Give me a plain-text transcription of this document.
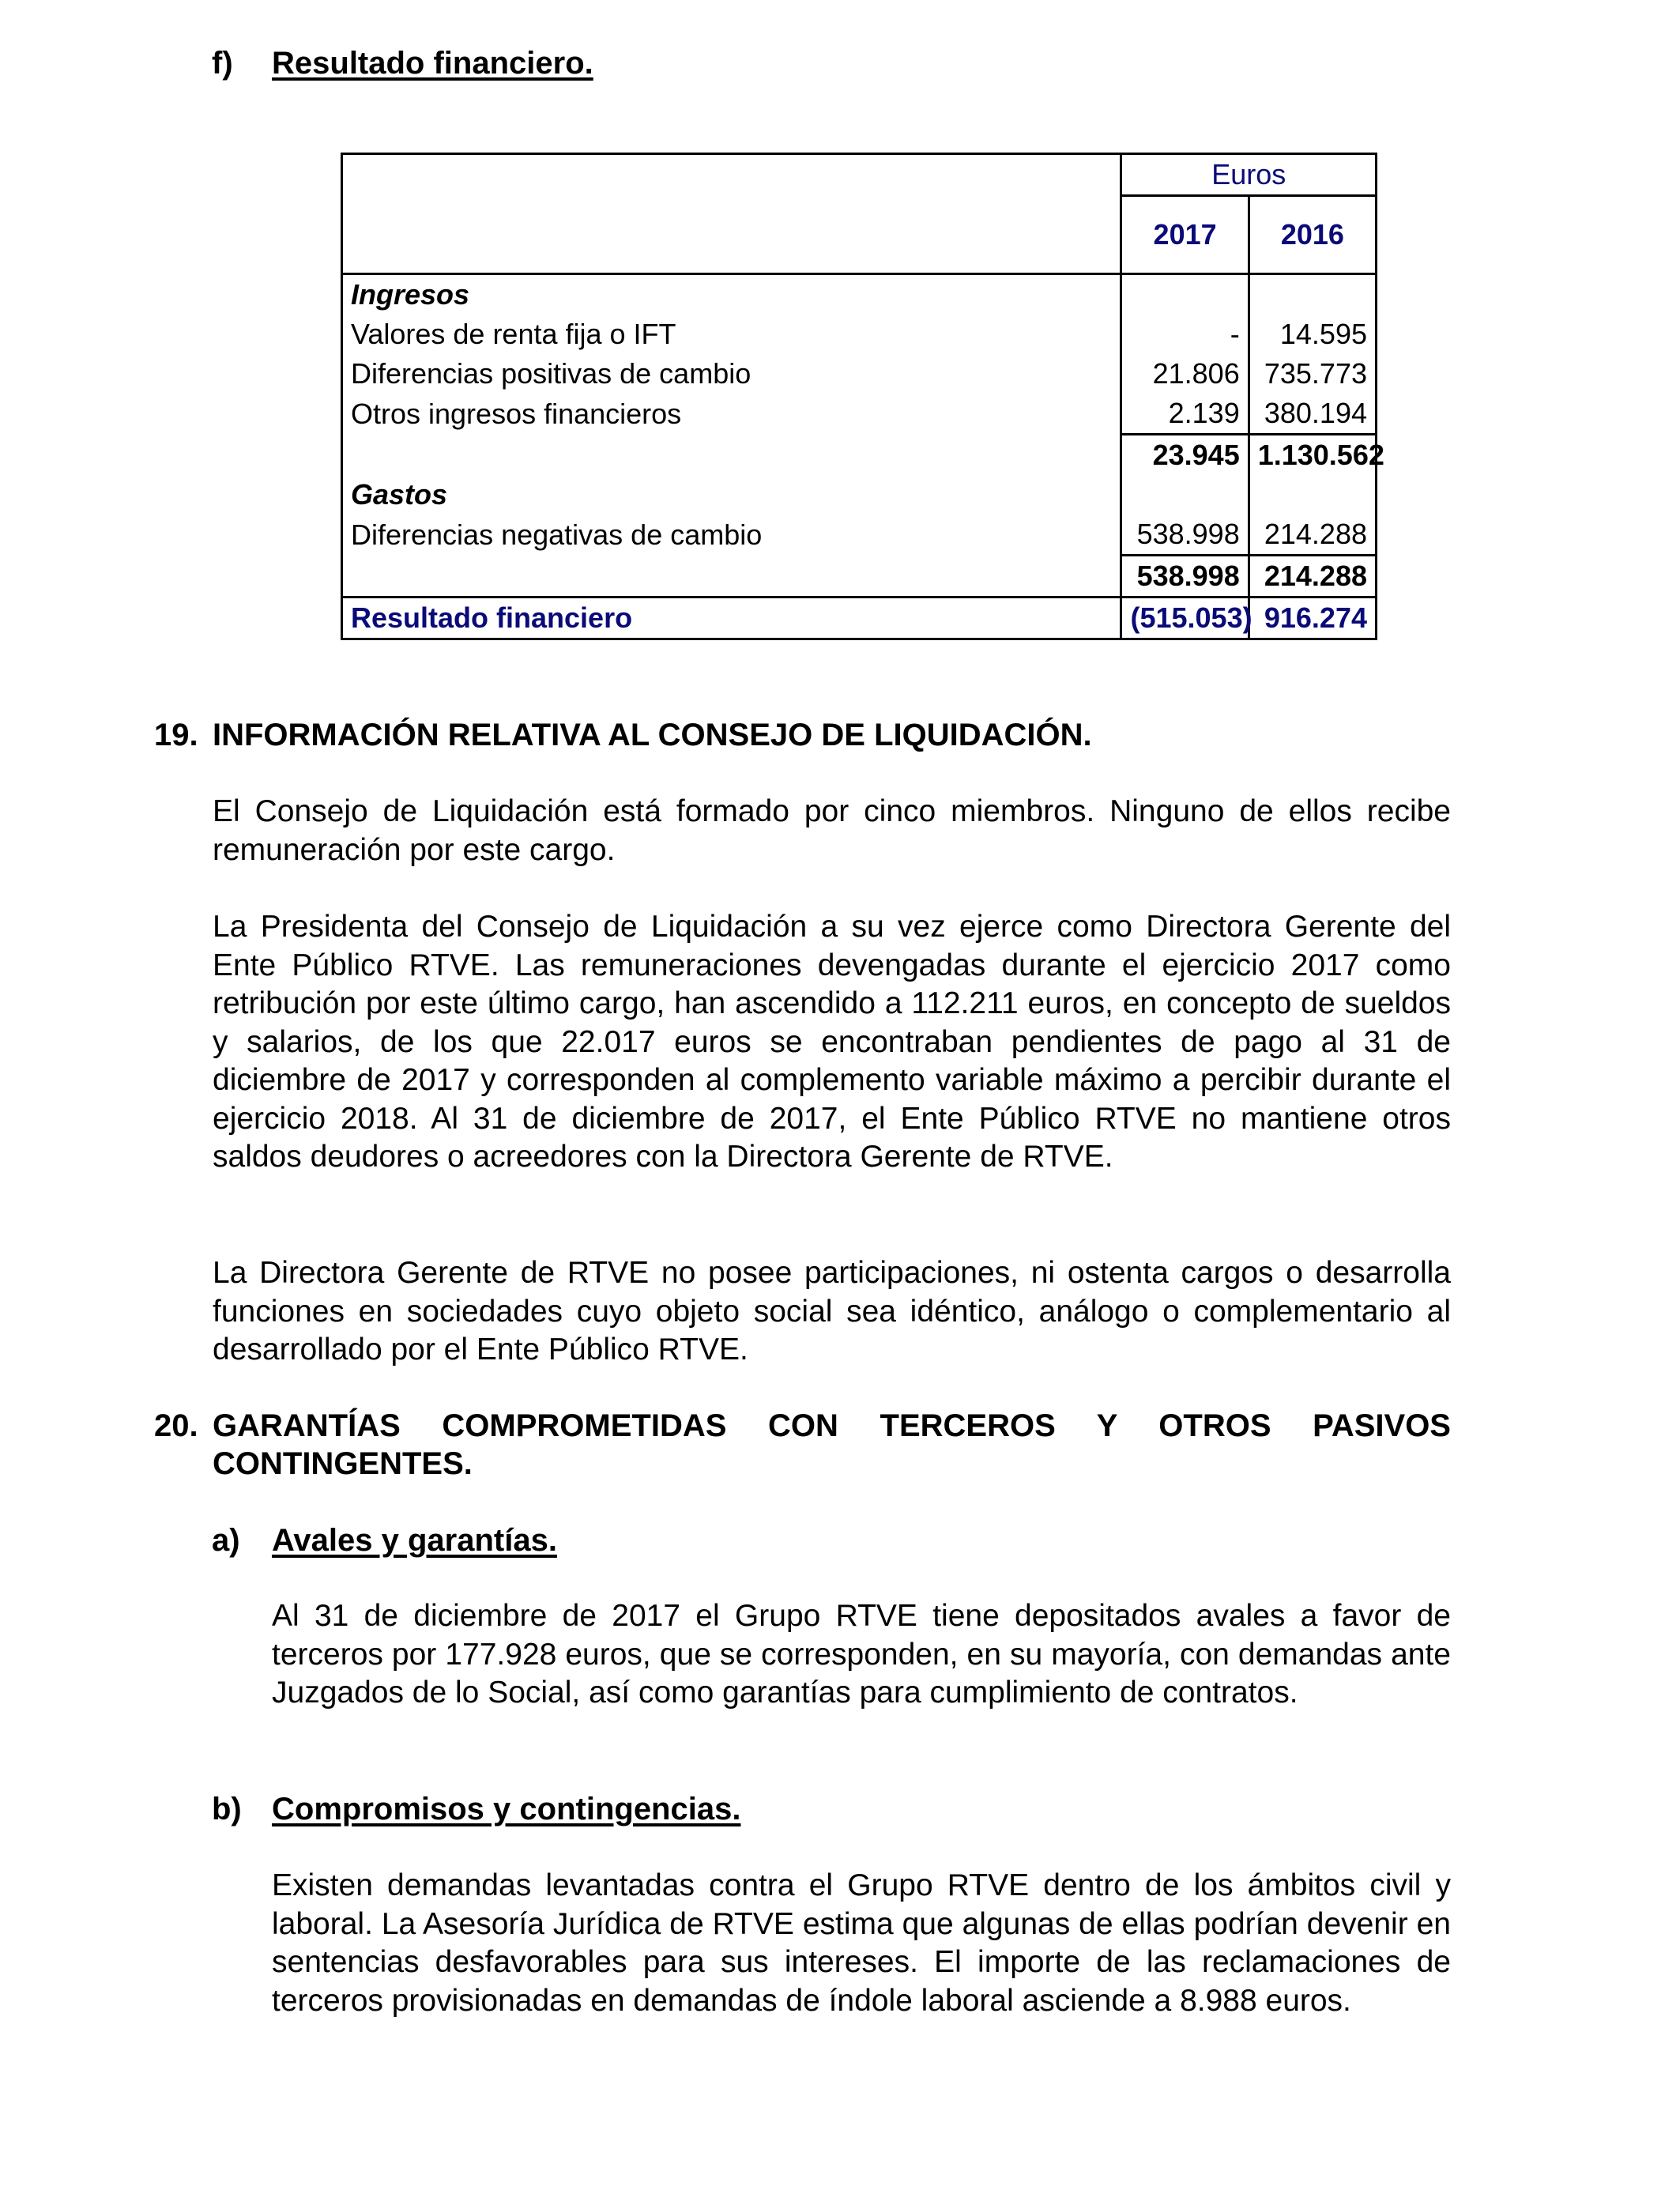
f) Resultado financiero.
	Euros	
	2017	2016
Ingresos		
Valores de renta fija o IFT	-	14.595
Diferencias positivas de cambio	21.806	735.773
Otros ingresos financieros	2.139	380.194
	23.945	1.130.562
Gastos		
Diferencias negativas de cambio	538.998	214.288
	538.998	214.288
Resultado financiero	(515.053)	916.274
19. INFORMACIÓN RELATIVA AL CONSEJO DE LIQUIDACIÓN.

El Consejo de Liquidación está formado por cinco miembros. Ninguno de ellos recibe remuneración por este cargo.

La Presidenta del Consejo de Liquidación a su vez ejerce como Directora Gerente del Ente Público RTVE. Las remuneraciones devengadas durante el ejercicio 2017 como retribución por este último cargo, han ascendido a 112.211 euros, en concepto de sueldos y salarios, de los que 22.017 euros se encontraban pendientes de pago al 31 de diciembre de 2017 y corresponden al complemento variable máximo a percibir durante el ejercicio 2018. Al 31 de diciembre de 2017, el Ente Público RTVE no mantiene otros saldos deudores o acreedores con la Directora Gerente de RTVE.

La Directora Gerente de RTVE no posee participaciones, ni ostenta cargos o desarrolla funciones en sociedades cuyo objeto social sea idéntico, análogo o complementario al desarrollado por el Ente Público RTVE.

20. GARANTÍAS COMPROMETIDAS CON TERCEROS Y OTROS PASIVOS
CONTINGENTES.
a) Avales y garantías.

Al 31 de diciembre de 2017 el Grupo RTVE tiene depositados avales a favor de terceros por 177.928 euros, que se corresponden, en su mayoría, con demandas ante Juzgados de lo Social, así como garantías para cumplimiento de contratos.

b) Compromisos y contingencias.

Existen demandas levantadas contra el Grupo RTVE dentro de los ámbitos civil y laboral. La Asesoría Jurídica de RTVE estima que algunas de ellas podrían devenir en sentencias desfavorables para sus intereses. El importe de las reclamaciones de terceros provisionadas en demandas de índole laboral asciende a 8.988 euros.
